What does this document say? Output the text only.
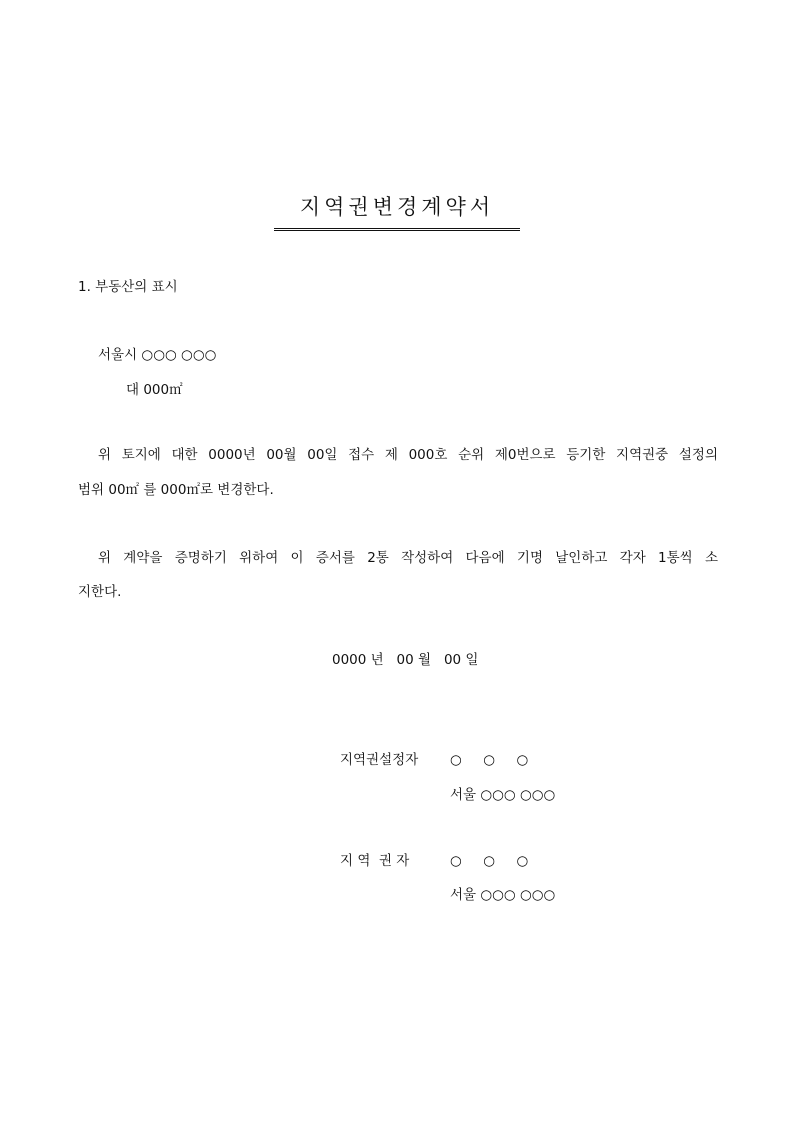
지역권변경계약서
1. 부동산의 표시
서울시 ○○○ ○○○
대 000㎡
위 토지에 대한 0000년 00월 00일 접수 제 000호 순위 제0번으로 등기한 지역권중 설정의
범위 00㎡ 를 000㎡로 변경한다.
위 계약을 증명하기 위하여 이 증서를 2통 작성하여 다음에 기명 날인하고 각자 1통씩 소
지한다.
0000 년   00 월   00 일
지역권설정자 ○     ○     ○
서울 ○○○ ○○○
지 역  권 자	○     ○     ○
서울 ○○○ ○○○
